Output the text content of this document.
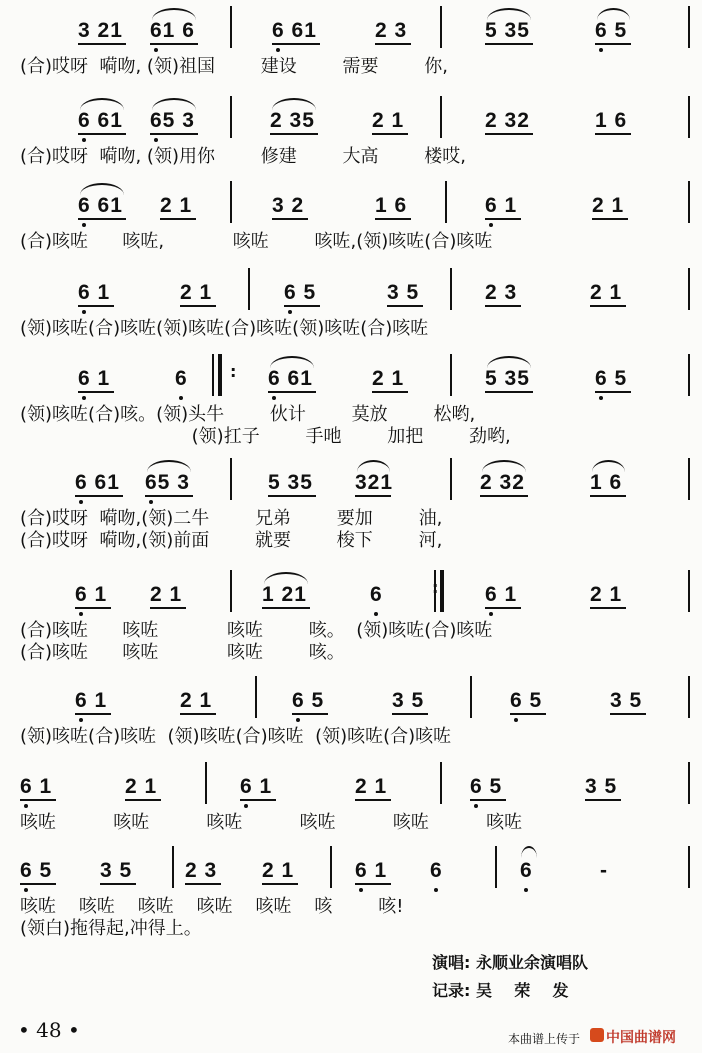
3 21 61 6	6 61	2 3	5 35	6 5
(合)哎呀  嗬吻, (领)祖国        建设        需要        你,
6 61 65 3	2 35	2 1	2 32	1 6
(合)哎呀  嗬吻, (领)用你        修建        大高        楼哎,
6 61 2 1	3 2	1 6	6 1	2 1
(合)咳咗      咳咗,            咳咗        咳咗,(领)咳咗(合)咳咗
6 1	2 1	6 5	3 5	2 3	2 1
(领)咳咗(合)咳咗(领)咳咗(合)咳咗(领)咳咗(合)咳咗
6 1	6	6 61	2 1	5 35	6 5
:
(领)咳咗(合)咳。(领)头牛        伙计        莫放        松哟,
(领)扛子        手吔        加把        劲哟,
6 61 65 3	5 35 321	2 32	1 6
(合)哎呀  嗬吻,(领)二牛        兄弟        要加        油,
(合)哎呀  嗬吻,(领)前面        就要        梭下        河,
6 1 2 1	1 21	6	6 1	2 1
:
(合)咳咗      咳咗            咳咗        咳。  (领)咳咗(合)咳咗
(合)咳咗      咳咗            咳咗        咳。
6 1	2 1	6 5	3 5	6 5	3 5
(领)咳咗(合)咳咗  (领)咳咗(合)咳咗  (领)咳咗(合)咳咗
6 1	2 1	6 1	2 1	6 5	3 5
咳咗          咳咗          咳咗          咳咗          咳咗          咳咗
6 5 3 5	2 3 2 1	6 1 6	6	-
咳咗    咳咗    咳咗    咳咗    咳咗    咳        咳!
(领白)拖得起,冲得上。
演唱: 永顺业余演唱队
记录: 吴    荣    发
• 48 •	本曲谱上传于 中国曲谱网
